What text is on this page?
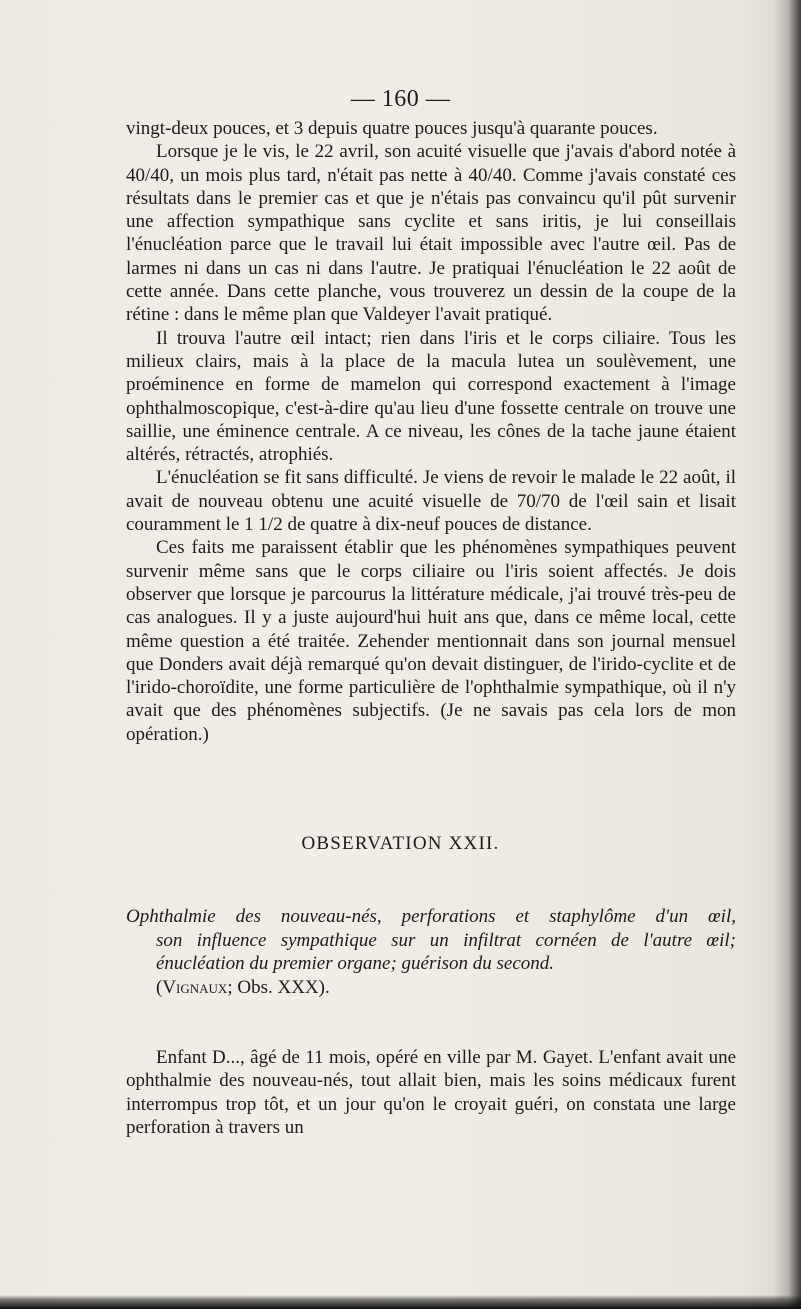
— 160 —

vingt-deux pouces, et 3 depuis quatre pouces jusqu'à quarante pouces.

Lorsque je le vis, le 22 avril, son acuité visuelle que j'avais d'abord notée à 40/40, un mois plus tard, n'était pas nette à 40/40. Comme j'avais constaté ces résultats dans le premier cas et que je n'étais pas convaincu qu'il pût survenir une affection sympathique sans cyclite et sans iritis, je lui conseillais l'énucléation parce que le travail lui était impossible avec l'autre œil. Pas de larmes ni dans un cas ni dans l'autre. Je pratiquai l'énucléation le 22 août de cette année. Dans cette planche, vous trouverez un dessin de la coupe de la rétine : dans le même plan que Valdeyer l'avait pratiqué.

Il trouva l'autre œil intact; rien dans l'iris et le corps ciliaire. Tous les milieux clairs, mais à la place de la macula lutea un soulèvement, une proéminence en forme de mamelon qui correspond exactement à l'image ophthalmoscopique, c'est-à-dire qu'au lieu d'une fossette centrale on trouve une saillie, une éminence centrale. A ce niveau, les cônes de la tache jaune étaient altérés, rétractés, atrophiés.

L'énucléation se fit sans difficulté. Je viens de revoir le malade le 22 août, il avait de nouveau obtenu une acuité visuelle de 70/70 de l'œil sain et lisait couramment le 1 1/2 de quatre à dix-neuf pouces de distance.

Ces faits me paraissent établir que les phénomènes sympathiques peuvent survenir même sans que le corps ciliaire ou l'iris soient affectés. Je dois observer que lorsque je parcourus la littérature médicale, j'ai trouvé très-peu de cas analogues. Il y a juste aujourd'hui huit ans que, dans ce même local, cette même question a été traitée. Zehender mentionnait dans son journal mensuel que Donders avait déjà remarqué qu'on devait distinguer, de l'irido-cyclite et de l'irido-choroïdite, une forme particulière de l'ophthalmie sympathique, où il n'y avait que des phénomènes subjectifs. (Je ne savais pas cela lors de mon opération.)

OBSERVATION XXII.
Ophthalmie des nouveau-nés, perforations et staphylôme d'un œil,
son influence sympathique sur un infiltrat cornéen de l'autre œil; énucléation du premier organe; guérison du second.
(Vignaux; Obs. XXX).

Enfant D..., âgé de 11 mois, opéré en ville par M. Gayet. L'enfant avait une ophthalmie des nouveau-nés, tout allait bien, mais les soins médicaux furent interrompus trop tôt, et un jour qu'on le croyait guéri, on constata une large perforation à travers un
